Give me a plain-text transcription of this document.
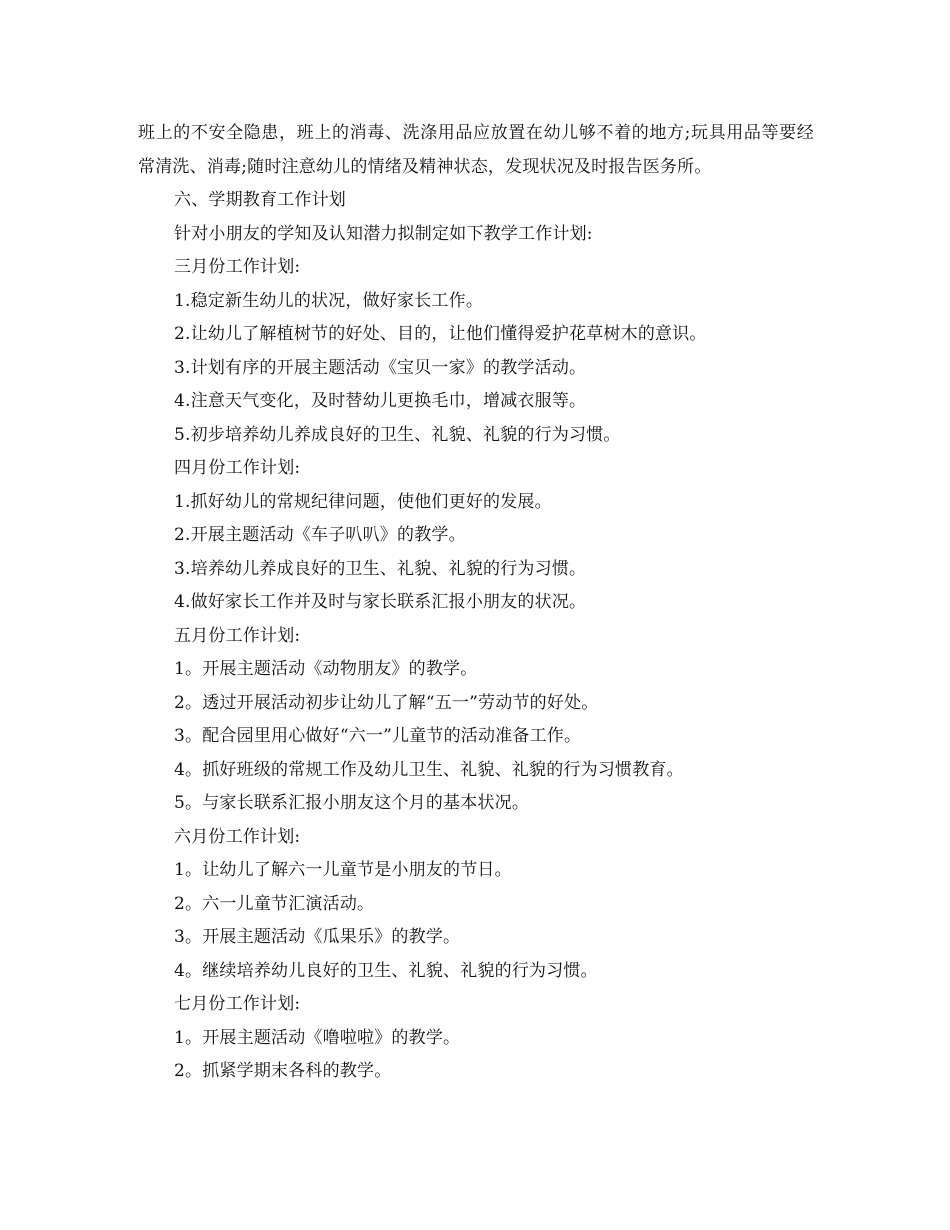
班上的不安全隐患，班上的消毒、洗涤用品应放置在幼儿够不着的地方;玩具用品等要经常清洗、消毒;随时注意幼儿的情绪及精神状态，发现状况及时报告医务所。

六、学期教育工作计划

针对小朋友的学知及认知潜力拟制定如下教学工作计划:

三月份工作计划:

1.稳定新生幼儿的状况，做好家长工作。

2.让幼儿了解植树节的好处、目的，让他们懂得爱护花草树木的意识。

3.计划有序的开展主题活动《宝贝一家》的教学活动。

4.注意天气变化，及时替幼儿更换毛巾，增减衣服等。

5.初步培养幼儿养成良好的卫生、礼貌、礼貌的行为习惯。

四月份工作计划:

1.抓好幼儿的常规纪律问题，使他们更好的发展。

2.开展主题活动《车子叭叭》的教学。

3.培养幼儿养成良好的卫生、礼貌、礼貌的行为习惯。

4.做好家长工作并及时与家长联系汇报小朋友的状况。

五月份工作计划:

1。开展主题活动《动物朋友》的教学。

2。透过开展活动初步让幼儿了解“五一”劳动节的好处。

3。配合园里用心做好“六一”儿童节的活动准备工作。

4。抓好班级的常规工作及幼儿卫生、礼貌、礼貌的行为习惯教育。

5。与家长联系汇报小朋友这个月的基本状况。

六月份工作计划:

1。让幼儿了解六一儿童节是小朋友的节日。

2。六一儿童节汇演活动。

3。开展主题活动《瓜果乐》的教学。

4。继续培养幼儿良好的卫生、礼貌、礼貌的行为习惯。

七月份工作计划:

1。开展主题活动《噜啦啦》的教学。

2。抓紧学期末各科的教学。
